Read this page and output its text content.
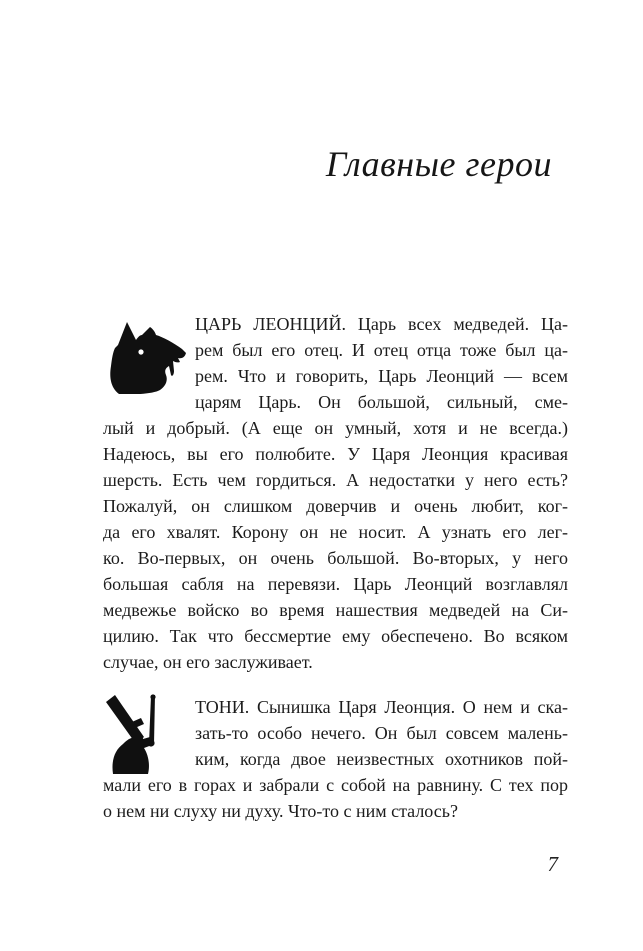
Главные герои
ЦАРЬ ЛЕОНЦИЙ. Царь всех медведей. Ца-
рем был его отец. И отец отца тоже был ца-
рем. Что и говорить, Царь Леонций — всем
царям Царь. Он большой, сильный, сме-
лый и добрый. (А еще он умный, хотя и не всегда.)
Надеюсь, вы его полюбите. У Царя Леонция красивая
шерсть. Есть чем гордиться. А недостатки у него есть?
Пожалуй, он слишком доверчив и очень любит, ког-
да его хвалят. Корону он не носит. А узнать его лег-
ко. Во-первых, он очень большой. Во-вторых, у него
большая сабля на перевязи. Царь Леонций возглавлял
медвежье войско во время нашествия медведей на Си-
цилию. Так что бессмертие ему обеспечено. Во всяком
случае, он его заслуживает.
ТОНИ. Сынишка Царя Леонция. О нем и ска-
зать-то особо нечего. Он был совсем малень-
ким, когда двое неизвестных охотников пой-
мали его в горах и забрали с собой на равнину. С тех пор
о нем ни слуху ни духу. Что-то с ним сталось?
7
